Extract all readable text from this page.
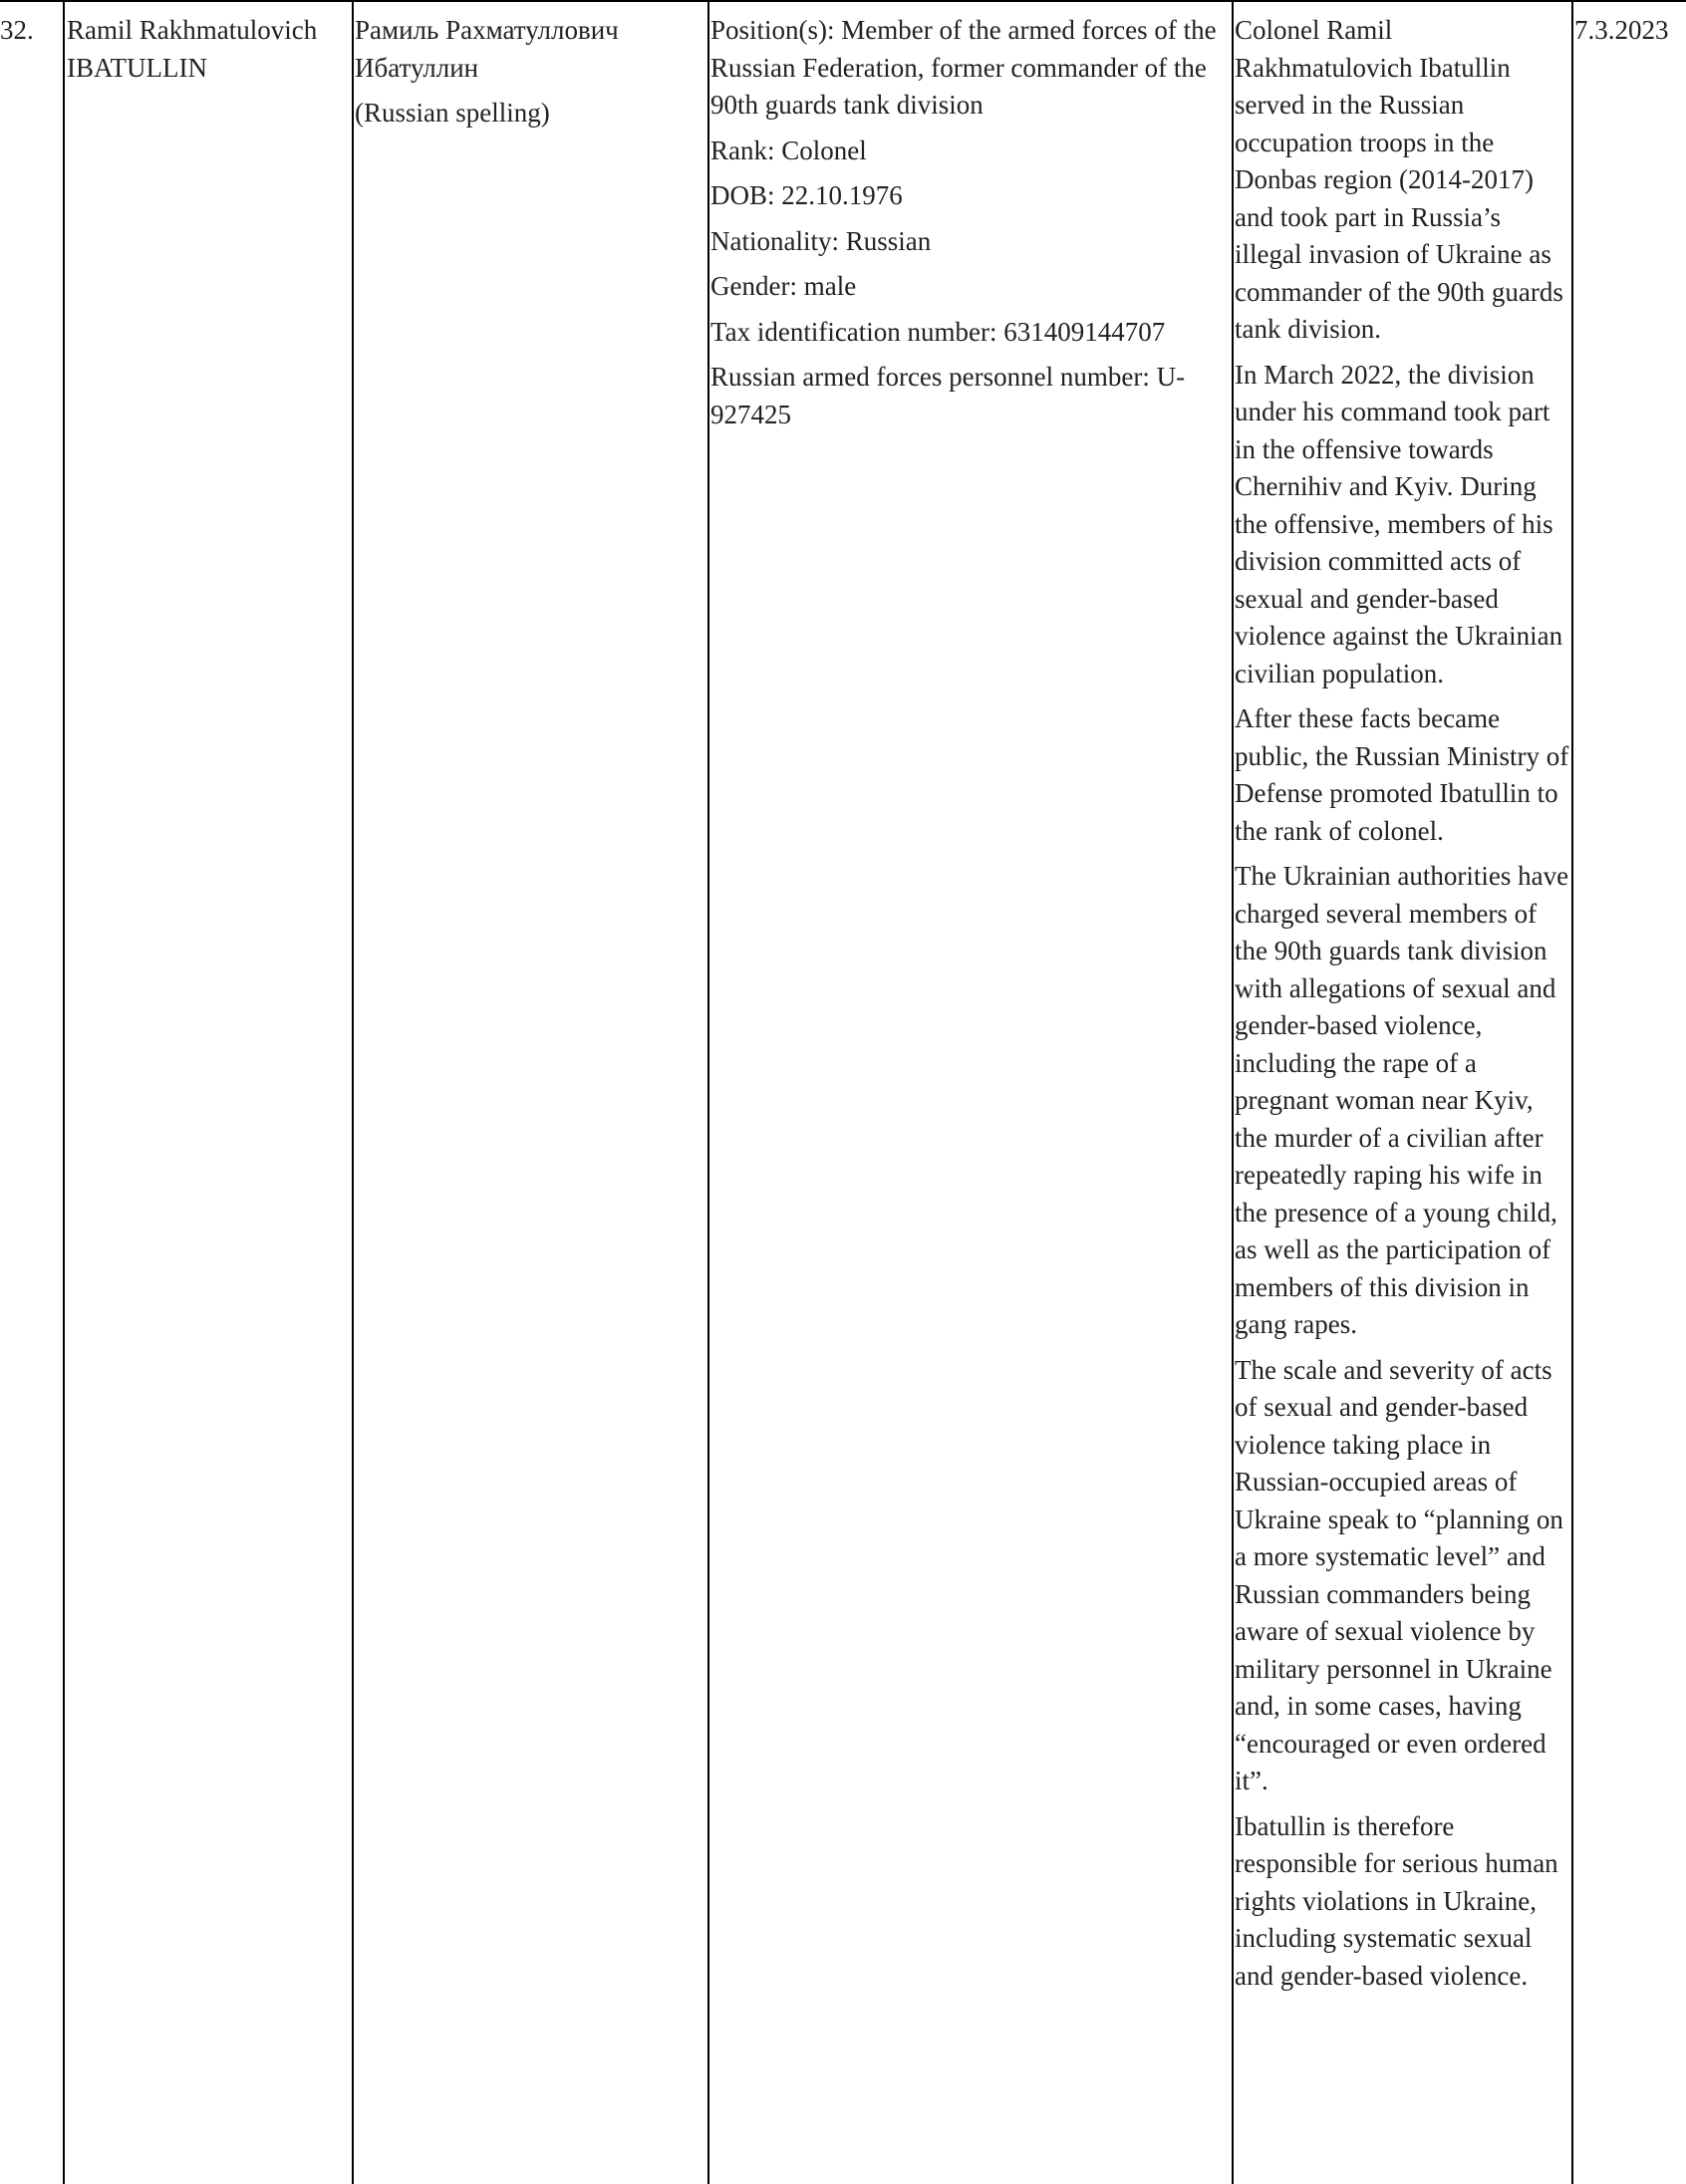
32.	Ramil Rakhmatulovich
IBATULLIN
Рамиль Рахматуллович

Ибатуллин

(Russian spelling)

Position(s): Member of the armed forces of the Russian Federation, former commander of the 90th guards tank division

Rank: Colonel

DOB: 22.10.1976

Nationality: Russian

Gender: male

Tax identification number: 631409144707

Russian armed forces personnel number: U-927425

Colonel Ramil Rakhmatulovich Ibatullin served in the Russian occupation troops in the Donbas region (2014-2017) and took part in Russia’s illegal invasion of Ukraine as commander of the 90th guards tank division.

In March 2022, the division under his command took part in the offensive towards Chernihiv and Kyiv. During the offensive, members of his division committed acts of sexual and gender-based violence against the Ukrainian civilian population.

After these facts became public, the Russian Ministry of Defense promoted Ibatullin to the rank of colonel.

The Ukrainian authorities have charged several members of the 90th guards tank division with allegations of sexual and gender-based violence, including the rape of a pregnant woman near Kyiv, the murder of a civilian after repeatedly raping his wife in the presence of a young child, as well as the participation of members of this division in gang rapes.

The scale and severity of acts of sexual and gender-based violence taking place in Russian-occupied areas of Ukraine speak to “planning on a more systematic level” and Russian commanders being aware of sexual violence by military personnel in Ukraine and, in some cases, having “encouraged or even ordered it”.

Ibatullin is therefore responsible for serious human rights violations in Ukraine, including systematic sexual and gender-based violence.

7.3.2023
